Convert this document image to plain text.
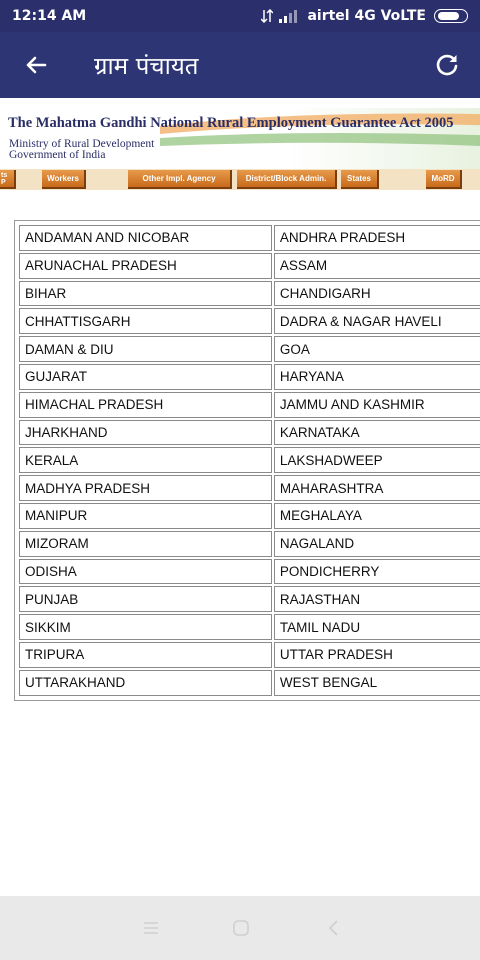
12:14 AM	airtel 4G VoLTE
ग्राम पंचायत
The Mahatma Gandhi National Rural Employment Guarantee Act 2005
Ministry of Rural Development
Government of India
ts
P	Workers	Other Impl. Agency	District/Block Admin.	States	MoRD
ANDAMAN AND NICOBAR	ANDHRA PRADESH
ARUNACHAL PRADESH	ASSAM
BIHAR	CHANDIGARH
CHHATTISGARH	DADRA & NAGAR HAVELI
DAMAN & DIU	GOA
GUJARAT	HARYANA
HIMACHAL PRADESH	JAMMU AND KASHMIR
JHARKHAND	KARNATAKA
KERALA	LAKSHADWEEP
MADHYA PRADESH	MAHARASHTRA
MANIPUR	MEGHALAYA
MIZORAM	NAGALAND
ODISHA	PONDICHERRY
PUNJAB	RAJASTHAN
SIKKIM	TAMIL NADU
TRIPURA	UTTAR PRADESH
UTTARAKHAND	WEST BENGAL
